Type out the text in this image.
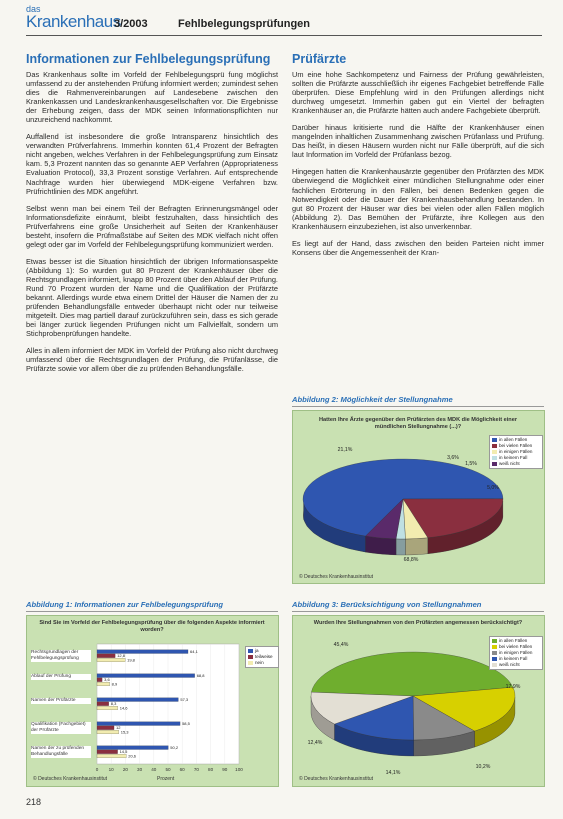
das
Krankenhaus
3/2003	Fehlbelegungsprüfungen
Informationen zur Fehlbelegungsprüfung

Das Krankenhaus sollte im Vorfeld der Fehlbelegungsprü fung möglichst umfassend zu der anstehenden Prüfung informiert werden; zumindest sehen dies die Rahmenvereinbarungen auf Landesebene zwischen den Krankenkassen und Landeskrankenhausgesellschaften vor. Die Ergebnisse der Erhebung zeigen, dass der MDK seinen Informationspflichten nur unzureichend nachkommt.

Auffallend ist insbesondere die große Intransparenz hinsichtlich des verwandten Prüfverfahrens. Immerhin konnten 61,4 Prozent der Befragten nicht angeben, welches Verfahren in der Fehlbelegungsprüfung zum Einsatz kam. 5,3 Prozent nannten das so genannte AEP Verfahren (Appropriateness Evaluation Protocol), 33,3 Prozent sonstige Verfahren. Auf entsprechende Nachfrage wurden hier überwiegend MDK-eigene Verfahren bzw. Prüfrichtlinien des MDK angeführt.

Selbst wenn man bei einem Teil der Befragten Erinnerungsmängel oder Informationsdefizite einräumt, bleibt festzuhalten, dass hinsichtlich des Prüfverfahrens eine große Unsicherheit auf Seiten der Krankenhäuser besteht, insofern die Prüfmaßstäbe auf Seiten des MDK vielfach nicht offen gelegt oder gar im Vorfeld der Fehlbelegungsprüfung kommuniziert werden.

Etwas besser ist die Situation hinsichtlich der übrigen Informationsaspekte (Abbildung 1): So wurden gut 80 Prozent der Krankenhäuser über die Rechtsgrundlagen informiert, knapp 80 Prozent über den Ablauf der Prüfung. Rund 70 Prozent wurden der Name und die Qualifikation der Prüfärzte bekannt. Allerdings wurde etwa einem Drittel der Häuser die Namen der zu prüfenden Behandlungsfälle entweder überhaupt nicht oder nur teilweise mitgeteilt. Dies mag partiell darauf zurückzuführen sein, dass es sich gerade bei länger zurück liegenden Prüfungen nicht um Fallvielfalt, sondern um Stichprobenprüfungen handelte.

Alles in allem informiert der MDK im Vorfeld der Prüfung also nicht durchweg umfassend über die Rechtsgrundlagen der Prüfung, die Prüfanlässe, die Prüfärzte sowie vor allem über die zu prüfenden Behandlungsfälle.

Prüfärzte

Um eine hohe Sachkompetenz und Fairness der Prüfung gewährleisten, sollten die Prüfärzte ausschließlich ihr eigenes Fachgebiet betreffende Fälle überprüfen. Diese Empfehlung wird in den Prüfungen allerdings nicht durchweg umgesetzt. Immerhin gaben gut ein Viertel der befragten Krankenhäuser an, die Prüfärzte hätten auch andere Fachgebiete überprüft.

Darüber hinaus kritisierte rund die Hälfte der Krankenhäuser einen mangelnden inhaltlichen Zusammenhang zwischen Prüfanlass und Prüfung. Das heißt, in diesen Häusern wurden nicht nur Fälle überprüft, auf die sich laut Information im Vorfeld der Prüfanlass bezog.

Hingegen hatten die Krankenhausärzte gegenüber den Prüfärzten des MDK überwiegend die Möglichkeit einer mündlichen Stellungnahme oder einer fachlichen Erörterung in den Fällen, bei denen Bedenken gegen die Notwendigkeit oder die Dauer der Krankenhausbehandlung bestanden. In gut 80 Prozent der Häuser war dies bei vielen oder allen Fällen möglich (Abbildung 2). Das Bemühen der Prüfärzte, ihre Kollegen aus den Krankenhäusern einzubeziehen, ist also unverkennbar.

Es liegt auf der Hand, dass zwischen den beiden Parteien nicht immer Konsens über die Angemessenheit der Kran-

Abbildung 2: Möglichkeit der Stellungnahme
Hatten Ihre Ärzte gegenüber den Prüfärzten des MDK die Möglichkeit einer mündlichen Stellungnahme (...)?
68,8%
21,1%
3,6%
1,5%
5,0%
in allen Fällen
bei vielen Fällen
in einigen Fällen
in keinem Fall
weiß nicht
© Deutsches Krankenhausinstitut
Abbildung 1: Informationen zur Fehlbelegungsprüfung
Sind Sie im Vorfeld der Fehlbelegungsprüfung über die folgenden Aspekte informiert worden?
0 10 20 30 40 50 60 70 80 90 100
64,1
12,8
19,8
68,8
3,6
8,9
57,3
8,3
14,6
58,5
12
15,3
50,2
14,5
20,6
ja
teilweise
nein
© Deutsches Krankenhausinstitut	Prozent
Rechtsgrundlagen der Fehlbelegungsprüfung
Ablauf der Prüfung
Namen der Prüfärzte
Qualifikation (Fachgebiet) der Prüfärzte
Namen der zu prüfenden Behandlungsfälle
Abbildung 3: Berücksichtigung von Stellungnahmen
Wurden Ihre Stellungnahmen von den Prüfärzten angemessen berücksichtigt?
45,4%
17,9%
10,2%
14,1%
12,4%
in allen Fällen
bei vielen Fällen
in einigen Fällen
in keinem Fall
weiß nicht
© Deutsches Krankenhausinstitut
218
